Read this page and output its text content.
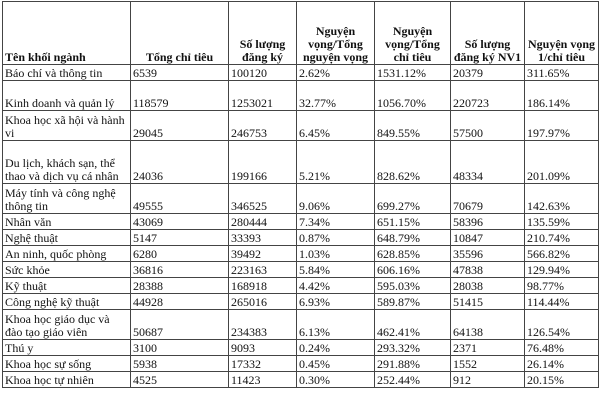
Tên khối ngành	Tổng chỉ tiêu	Số lượng đăng ký	Nguyện vọng/Tổng nguyện vọng	Nguyện vọng/Tổng chỉ tiêu	Số lượng đăng ký NV1	Nguyện vọng 1/chỉ tiêu
Báo chí và thông tin	6539	100120	2.62%	1531.12%	20379	311.65%
Kinh doanh và quản lý	118579	1253021	32.77%	1056.70%	220723	186.14%
Khoa học xã hội và hành vi	29045	246753	6.45%	849.55%	57500	197.97%
Du lịch, khách sạn, thể thao và dịch vụ cá nhân	24036	199166	5.21%	828.62%	48334	201.09%
Máy tính và công nghệ thông tin	49555	346525	9.06%	699.27%	70679	142.63%
Nhân văn	43069	280444	7.34%	651.15%	58396	135.59%
Nghệ thuật	5147	33393	0.87%	648.79%	10847	210.74%
An ninh, quốc phòng	6280	39492	1.03%	628.85%	35596	566.82%
Sức khỏe	36816	223163	5.84%	606.16%	47838	129.94%
Kỹ thuật	28388	168918	4.42%	595.03%	28038	98.77%
Công nghệ kỹ thuật	44928	265016	6.93%	589.87%	51415	114.44%
Khoa học giáo dục và đào tạo giáo viên	50687	234383	6.13%	462.41%	64138	126.54%
Thú y	3100	9093	0.24%	293.32%	2371	76.48%
Khoa học sự sống	5938	17332	0.45%	291.88%	1552	26.14%
Khoa học tự nhiên	4525	11423	0.30%	252.44%	912	20.15%
